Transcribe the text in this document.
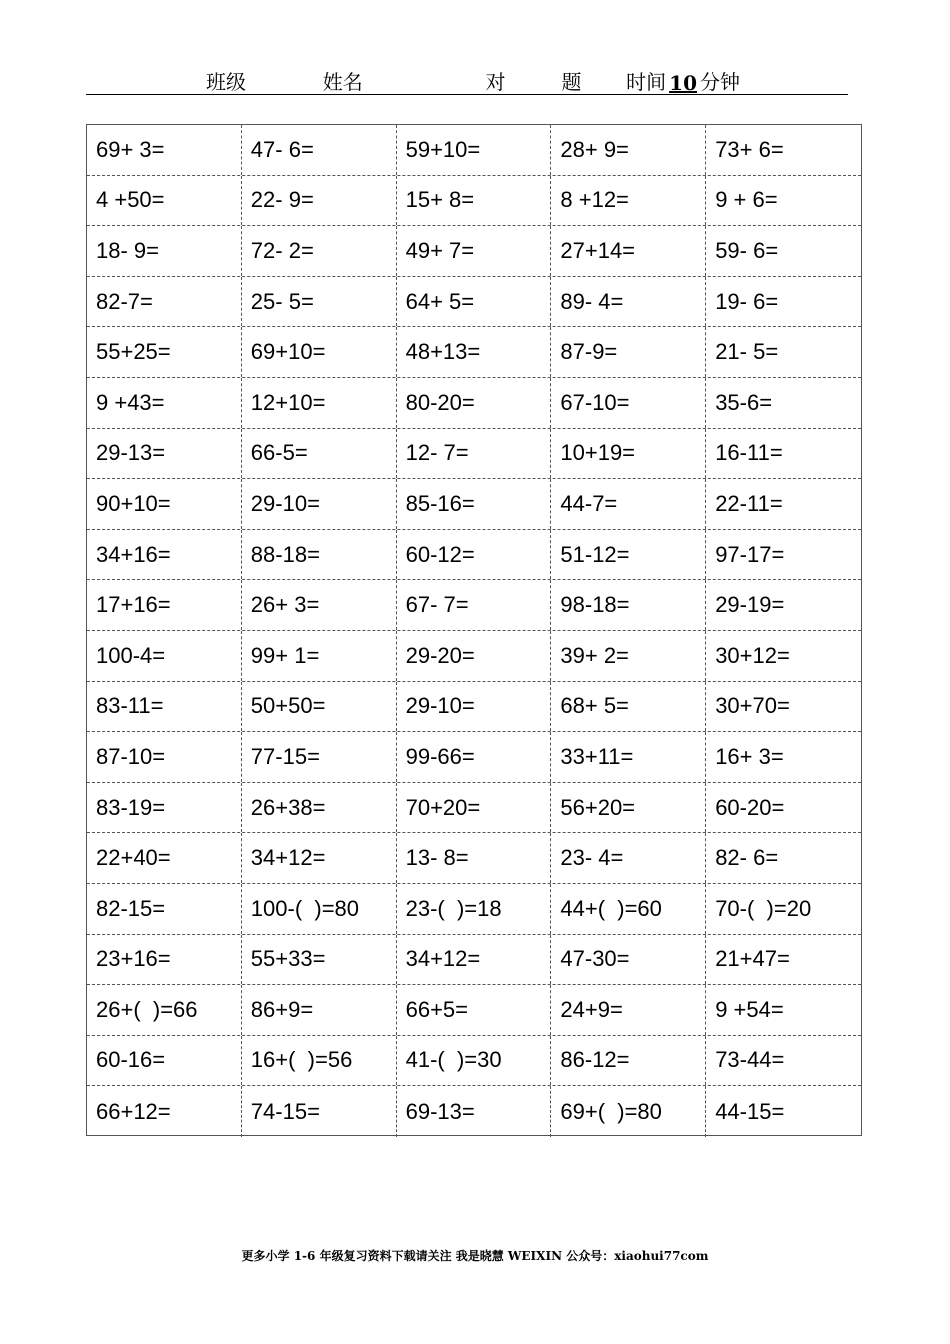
班级	姓名	对	题 时间 10 分钟
69+ 3=	47- 6=	59+10=	28+ 9=	73+ 6=
4 +50=	22- 9=	15+ 8=	8 +12=	9 + 6=
18- 9=	72- 2=	49+ 7=	27+14=	59- 6=
82-7=	25- 5=	64+ 5=	89- 4=	19- 6=
55+25=	69+10=	48+13=	87-9=	21- 5=
9 +43=	12+10=	80-20=	67-10=	35-6=
29-13=	66-5=	12- 7=	10+19=	16-11=
90+10=	29-10=	85-16=	44-7=	22-11=
34+16=	88-18=	60-12=	51-12=	97-17=
17+16=	26+ 3=	67- 7=	98-18=	29-19=
100-4=	99+ 1=	29-20=	39+ 2=	30+12=
83-11=	50+50=	29-10=	68+ 5=	30+70=
87-10=	77-15=	99-66=	33+11=	16+ 3=
83-19=	26+38=	70+20=	56+20=	60-20=
22+40=	34+12=	13- 8=	23- 4=	82- 6=
82-15=	100-(  )=80	23-(  )=18	44+(  )=60	70-(  )=20
23+16=	55+33=	34+12=	47-30=	21+47=
26+(  )=66	86+9=	66+5=	24+9=	9 +54=
60-16=	16+(  )=56	41-(  )=30	86-12=	73-44=
66+12=	74-15=	69-13=	69+(  )=80	44-15=
更多小学 1-6 年级复习资料下载请关注 我是晓慧 WEIXIN 公众号：xiaohui77com
